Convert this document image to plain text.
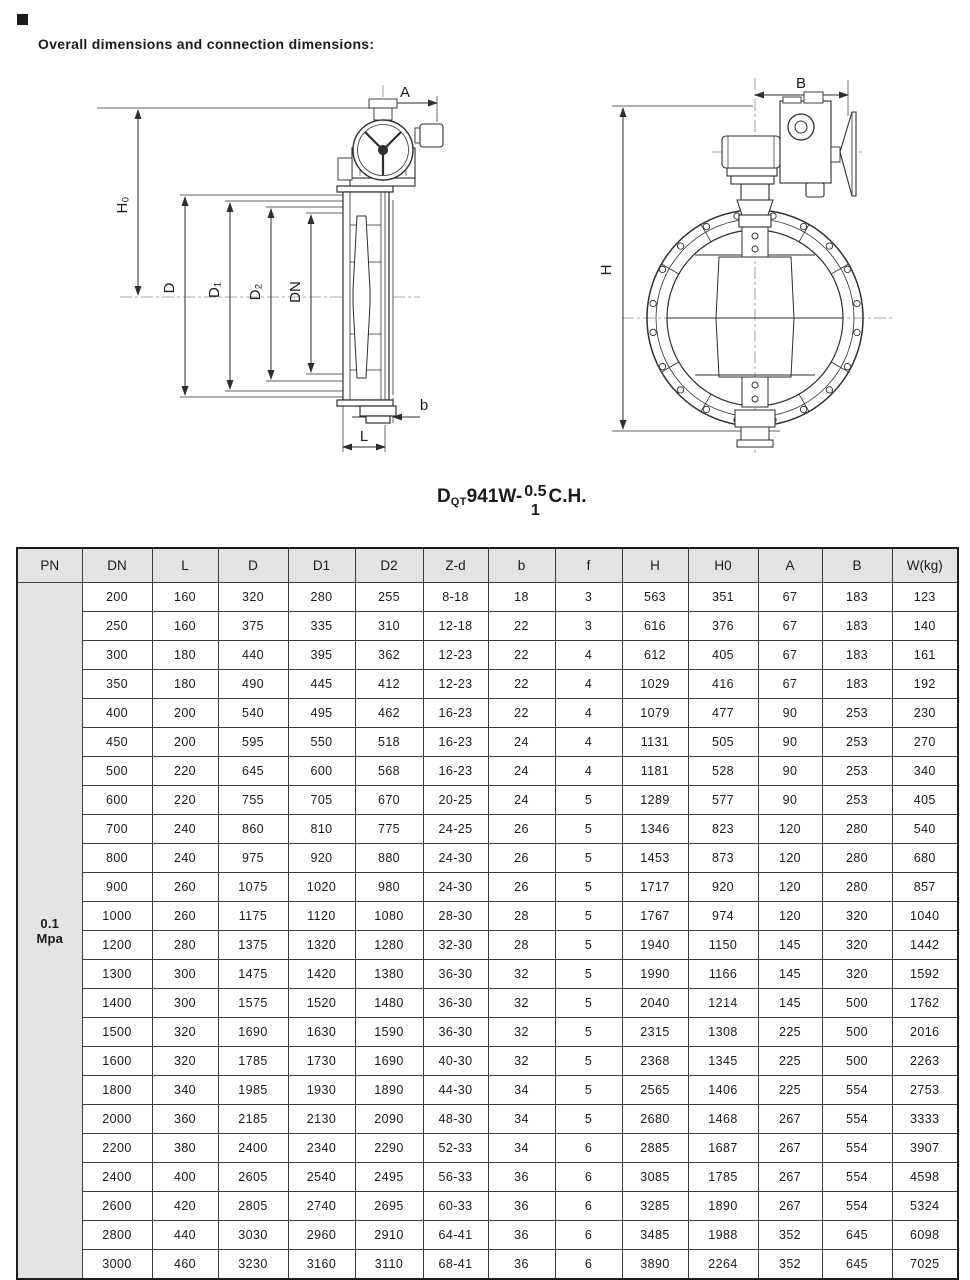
Overall dimensions and connection dimensions:
A
H₀
D D₁ D₂ DN
b
L
B
H
D QT 941W- 0.5
1
C.H.
PN	DN	L	D	D1	D2	Z-d	b	f	H	H0	A	B	W(kg)

0.1
Mpa	200	160	320	280	255	8-18	18	3	563	351	67	183	123
	250	160	375	335	310	12-18	22	3	616	376	67	183	140
	300	180	440	395	362	12-23	22	4	612	405	67	183	161
	350	180	490	445	412	12-23	22	4	1029	416	67	183	192
	400	200	540	495	462	16-23	22	4	1079	477	90	253	230
	450	200	595	550	518	16-23	24	4	1131	505	90	253	270
	500	220	645	600	568	16-23	24	4	1181	528	90	253	340
	600	220	755	705	670	20-25	24	5	1289	577	90	253	405
	700	240	860	810	775	24-25	26	5	1346	823	120	280	540
	800	240	975	920	880	24-30	26	5	1453	873	120	280	680
	900	260	1075	1020	980	24-30	26	5	1717	920	120	280	857
	1000	260	1175	1120	1080	28-30	28	5	1767	974	120	320	1040
	1200	280	1375	1320	1280	32-30	28	5	1940	1150	145	320	1442
	1300	300	1475	1420	1380	36-30	32	5	1990	1166	145	320	1592
	1400	300	1575	1520	1480	36-30	32	5	2040	1214	145	500	1762
	1500	320	1690	1630	1590	36-30	32	5	2315	1308	225	500	2016
	1600	320	1785	1730	1690	40-30	32	5	2368	1345	225	500	2263
	1800	340	1985	1930	1890	44-30	34	5	2565	1406	225	554	2753
	2000	360	2185	2130	2090	48-30	34	5	2680	1468	267	554	3333
	2200	380	2400	2340	2290	52-33	34	6	2885	1687	267	554	3907
	2400	400	2605	2540	2495	56-33	36	6	3085	1785	267	554	4598
	2600	420	2805	2740	2695	60-33	36	6	3285	1890	267	554	5324
	2800	440	3030	2960	2910	64-41	36	6	3485	1988	352	645	6098
	3000	460	3230	3160	3110	68-41	36	6	3890	2264	352	645	7025
